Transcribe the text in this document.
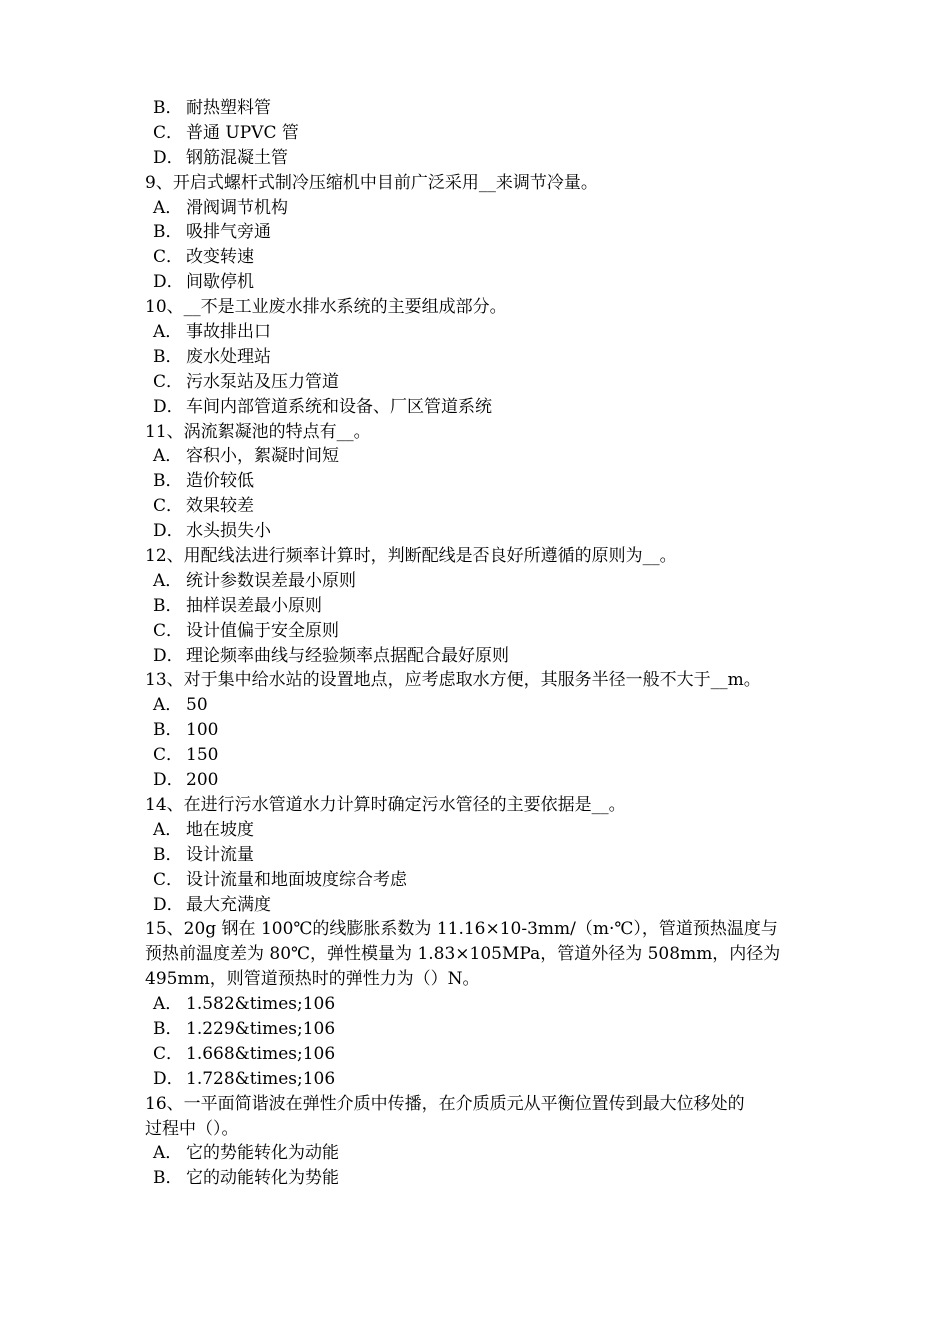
B． 耐热塑料管
C． 普通 UPVC 管
D． 钢筋混凝土管
9、开启式螺杆式制冷压缩机中目前广泛采用__来调节冷量。
A． 滑阀调节机构
B． 吸排气旁通
C． 改变转速
D． 间歇停机
10、__不是工业废水排水系统的主要组成部分。
A． 事故排出口
B． 废水处理站
C． 污水泵站及压力管道
D． 车间内部管道系统和设备、厂区管道系统
11、涡流絮凝池的特点有__。
A． 容积小，絮凝时间短
B． 造价较低
C． 效果较差
D． 水头损失小
12、用配线法进行频率计算时，判断配线是否良好所遵循的原则为__。
A． 统计参数误差最小原则
B． 抽样误差最小原则
C． 设计值偏于安全原则
D． 理论频率曲线与经验频率点据配合最好原则
13、对于集中给水站的设置地点，应考虑取水方便，其服务半径一般不大于__m。
A． 50
B． 100
C． 150
D． 200
14、在进行污水管道水力计算时确定污水管径的主要依据是__。
A． 地在坡度
B． 设计流量
C． 设计流量和地面坡度综合考虑
D． 最大充满度
15、20g 钢在 100℃的线膨胀系数为 11.16×10-3mm/（m·℃），管道预热温度与
预热前温度差为 80℃，弹性模量为 1.83×105MPa，管道外径为 508mm，内径为
495mm，则管道预热时的弹性力为（）N。
A． 1.582&times;106
B． 1.229&times;106
C． 1.668&times;106
D． 1.728&times;106
16、一平面简谐波在弹性介质中传播，在介质质元从平衡位置传到最大位移处的
过程中（）。
A． 它的势能转化为动能
B． 它的动能转化为势能
